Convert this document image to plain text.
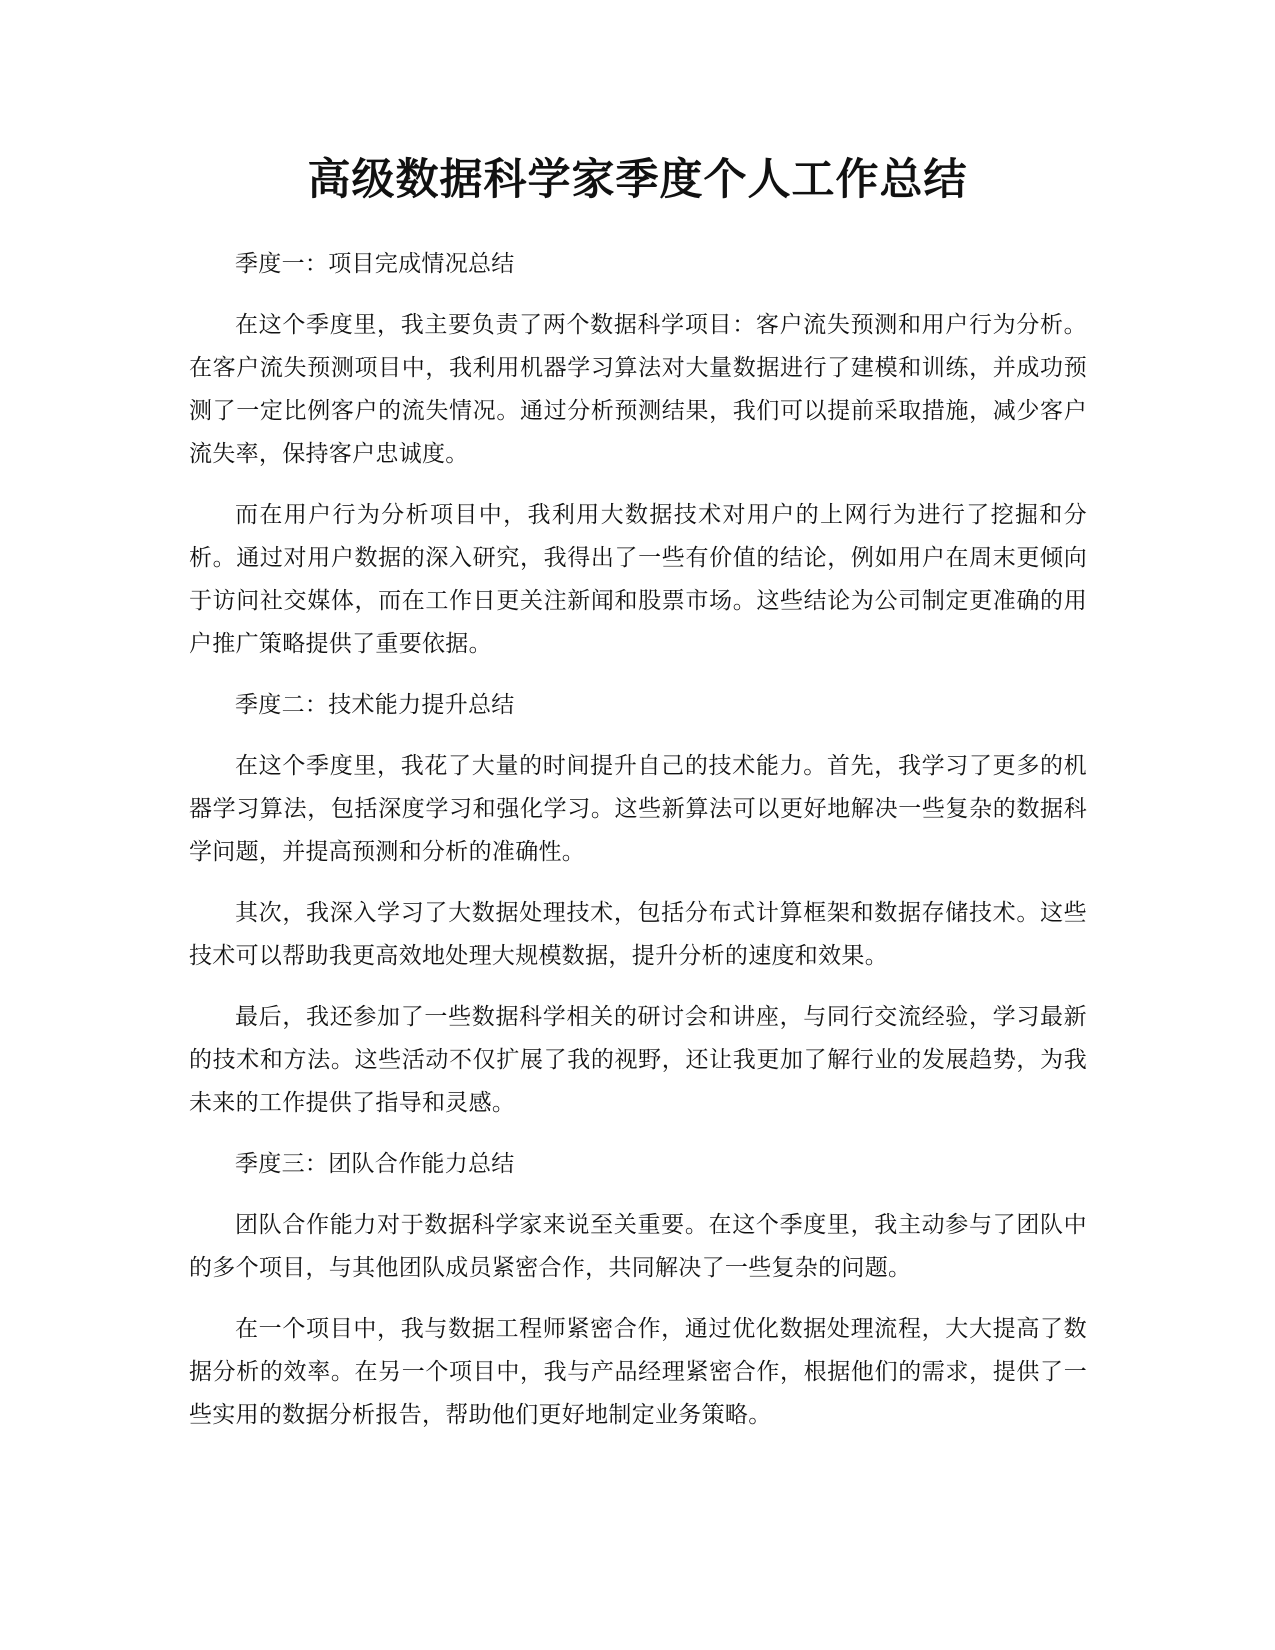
高级数据科学家季度个人工作总结

季度一：项目完成情况总结

在这个季度里，我主要负责了两个数据科学项目：客户流失预测和用户行为分析。在客户流失预测项目中，我利用机器学习算法对大量数据进行了建模和训练，并成功预测了一定比例客户的流失情况。通过分析预测结果，我们可以提前采取措施，减少客户流失率，保持客户忠诚度。

而在用户行为分析项目中，我利用大数据技术对用户的上网行为进行了挖掘和分析。通过对用户数据的深入研究，我得出了一些有价值的结论，例如用户在周末更倾向于访问社交媒体，而在工作日更关注新闻和股票市场。这些结论为公司制定更准确的用户推广策略提供了重要依据。

季度二：技术能力提升总结

在这个季度里，我花了大量的时间提升自己的技术能力。首先，我学习了更多的机器学习算法，包括深度学习和强化学习。这些新算法可以更好地解决一些复杂的数据科学问题，并提高预测和分析的准确性。

其次，我深入学习了大数据处理技术，包括分布式计算框架和数据存储技术。这些技术可以帮助我更高效地处理大规模数据，提升分析的速度和效果。

最后，我还参加了一些数据科学相关的研讨会和讲座，与同行交流经验，学习最新的技术和方法。这些活动不仅扩展了我的视野，还让我更加了解行业的发展趋势，为我未来的工作提供了指导和灵感。

季度三：团队合作能力总结

团队合作能力对于数据科学家来说至关重要。在这个季度里，我主动参与了团队中的多个项目，与其他团队成员紧密合作，共同解决了一些复杂的问题。

在一个项目中，我与数据工程师紧密合作，通过优化数据处理流程，大大提高了数据分析的效率。在另一个项目中，我与产品经理紧密合作，根据他们的需求，提供了一些实用的数据分析报告，帮助他们更好地制定业务策略。
